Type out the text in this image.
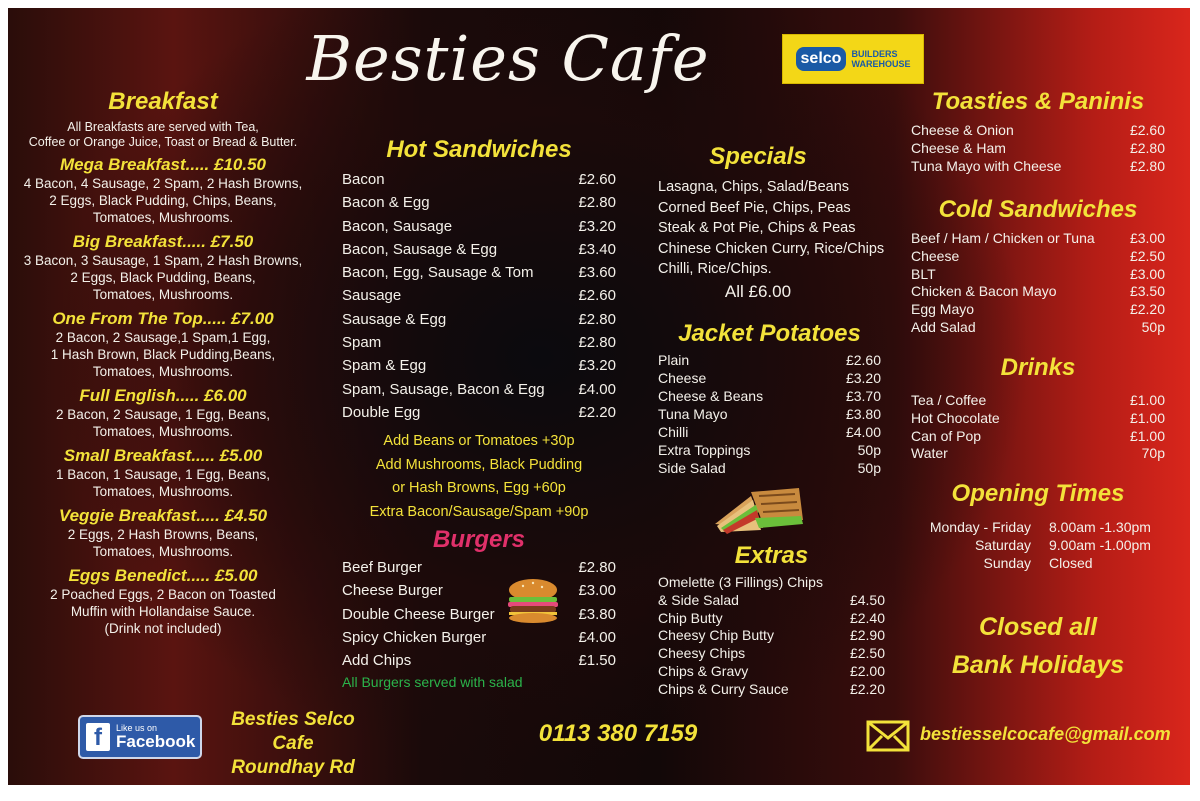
Besties Cafe	selco	BUILDERS
WAREHOUSE
Breakfast
All Breakfasts are served with Tea,
Coffee or Orange Juice, Toast or Bread & Butter.
Mega Breakfast..... £10.50
4 Bacon, 4 Sausage, 2 Spam, 2 Hash Browns,
2 Eggs, Black Pudding, Chips, Beans,
Tomatoes, Mushrooms.
Big Breakfast..... £7.50
3 Bacon, 3 Sausage, 1 Spam, 2 Hash Browns,
2 Eggs, Black Pudding, Beans,
Tomatoes, Mushrooms.
One From The Top..... £7.00
2 Bacon, 2 Sausage,1 Spam,1 Egg,
1 Hash Brown, Black Pudding,Beans,
Tomatoes, Mushrooms.
Full English..... £6.00
2 Bacon, 2 Sausage, 1 Egg, Beans,
Tomatoes, Mushrooms.
Small Breakfast..... £5.00
1 Bacon, 1 Sausage, 1 Egg, Beans,
Tomatoes, Mushrooms.
Veggie Breakfast..... £4.50
2 Eggs, 2 Hash Browns, Beans,
Tomatoes, Mushrooms.
Eggs Benedict..... £5.00
2 Poached Eggs, 2 Bacon on Toasted
Muffin with Hollandaise Sauce.
(Drink not included)
Hot Sandwiches
Bacon	£2.60
Bacon & Egg	£2.80
Bacon, Sausage	£3.20
Bacon, Sausage & Egg	£3.40
Bacon, Egg, Sausage & Tom	£3.60
Sausage	£2.60
Sausage & Egg	£2.80
Spam	£2.80
Spam & Egg	£3.20
Spam, Sausage, Bacon & Egg £4.00
Double Egg	£2.20
Add Beans or Tomatoes +30p
Add Mushrooms, Black Pudding
or Hash Browns, Egg +60p
Extra Bacon/Sausage/Spam +90p
Burgers
Beef Burger	£2.80
Cheese Burger	£3.00
Double Cheese Burger	£3.80
Spicy Chicken Burger	£4.00
Add Chips	£1.50
All Burgers served with salad
Specials
Lasagna, Chips, Salad/Beans
Corned Beef Pie, Chips, Peas
Steak & Pot Pie, Chips & Peas
Chinese Chicken Curry, Rice/Chips
Chilli, Rice/Chips.
All £6.00
Jacket Potatoes
Plain	£2.60
Cheese	£3.20
Cheese & Beans	£3.70
Tuna Mayo	£3.80
Chilli	£4.00
Extra Toppings	50p
Side Salad	50p
Extras
Omelette (3 Fillings) Chips
& Side Salad	£4.50
Chip Butty	£2.40
Cheesy Chip Butty	£2.90
Cheesy Chips	£2.50
Chips & Gravy	£2.00
Chips & Curry Sauce	£2.20
Toasties & Paninis
Cheese & Onion	£2.60
Cheese & Ham	£2.80
Tuna Mayo with Cheese	£2.80
Cold Sandwiches
Beef / Ham / Chicken or Tuna	£3.00
Cheese	£2.50
BLT	£3.00
Chicken & Bacon Mayo	£3.50
Egg Mayo	£2.20
Add Salad	50p
Drinks
Tea / Coffee	£1.00
Hot Chocolate	£1.00
Can of Pop	£1.00
Water	70p
Opening Times
Monday - Friday 8.00am -1.30pm
Saturday 9.00am -1.00pm
Sunday Closed
Closed all
Bank Holidays
f	Like us on
Facebook
Besties Selco Cafe
Roundhay Rd
0113 380 7159	bestiesselcocafe@gmail.com
